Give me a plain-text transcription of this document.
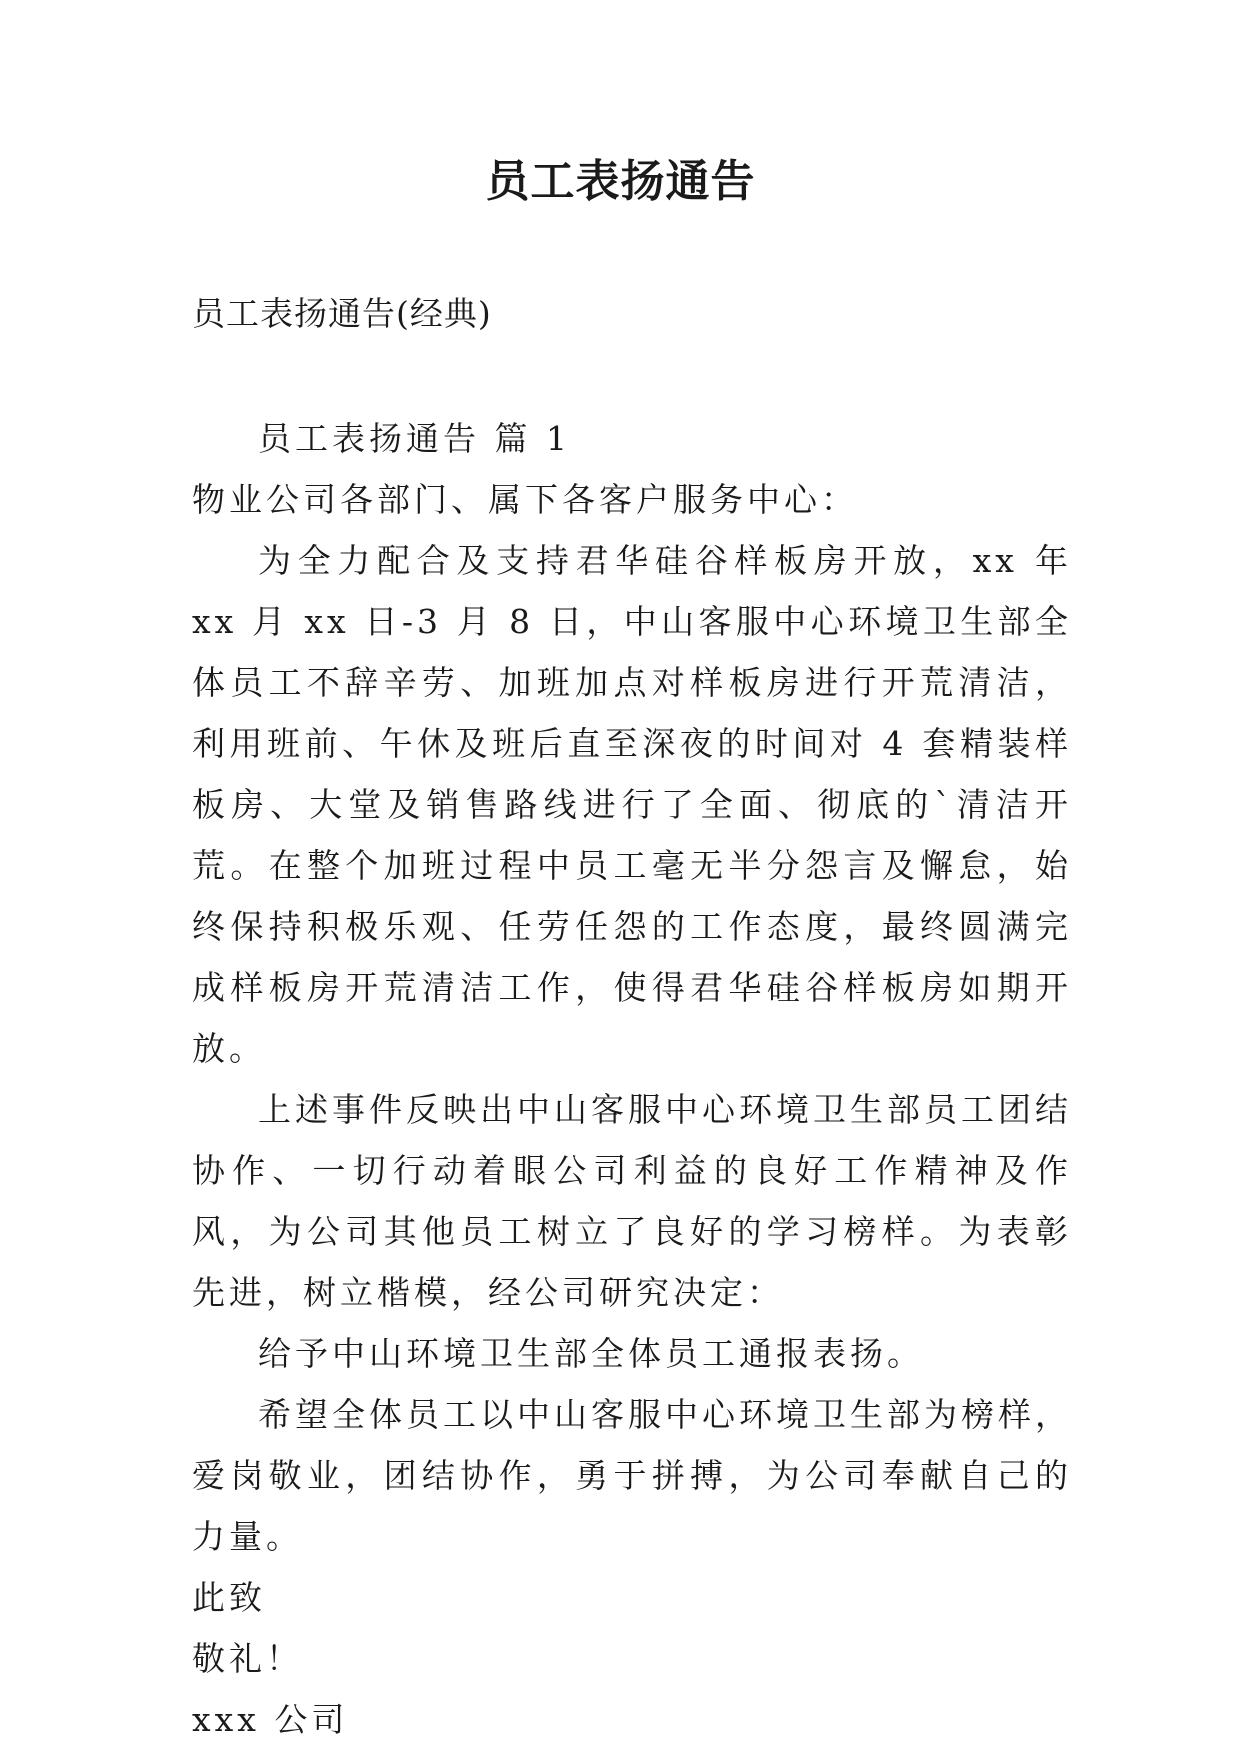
员工表扬通告
员工表扬通告(经典)

员工表扬通告 篇 1

物业公司各部门、属下各客户服务中心：

为全力配合及支持君华硅谷样板房开放，xx 年 xx 月 xx 日-3 月 8 日，中山客服中心环境卫生部全体员工不辞辛劳、加班加点对样板房进行开荒清洁，利用班前、午休及班后直至深夜的时间对 4 套精装样板房、大堂及销售路线进行了全面、彻底的`清洁开荒。在整个加班过程中员工毫无半分怨言及懈怠，始终保持积极乐观、任劳任怨的工作态度，最终圆满完成样板房开荒清洁工作，使得君华硅谷样板房如期开放。

上述事件反映出中山客服中心环境卫生部员工团结协作、一切行动着眼公司利益的良好工作精神及作风，为公司其他员工树立了良好的学习榜样。为表彰先进，树立楷模，经公司研究决定：

给予中山环境卫生部全体员工通报表扬。

希望全体员工以中山客服中心环境卫生部为榜样，爱岗敬业，团结协作，勇于拼搏，为公司奉献自己的力量。

此致

敬礼！

xxx 公司
